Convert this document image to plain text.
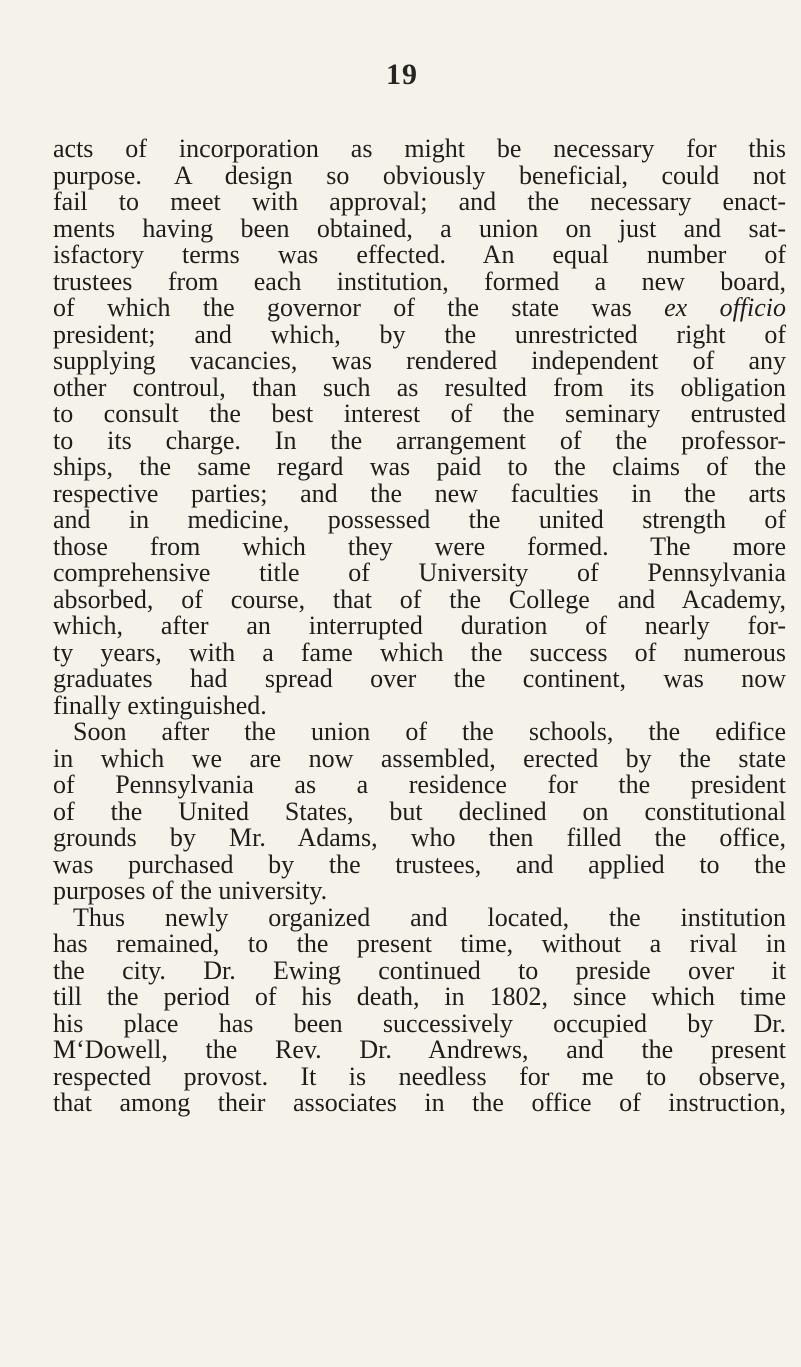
19
acts of incorporation as might be necessary for this
purpose. A design so obviously beneficial, could not
fail to meet with approval; and the necessary enact-
ments having been obtained, a union on just and sat-
isfactory terms was effected. An equal number of
trustees from each institution, formed a new board,
of which the governor of the state was ex officio
president; and which, by the unrestricted right of
supplying vacancies, was rendered independent of any
other controul, than such as resulted from its obligation
to consult the best interest of the seminary entrusted
to its charge. In the arrangement of the professor-
ships, the same regard was paid to the claims of the
respective parties; and the new faculties in the arts
and in medicine, possessed the united strength of
those from which they were formed. The more
comprehensive title of University of Pennsylvania
absorbed, of course, that of the College and Academy,
which, after an interrupted duration of nearly for-
ty years, with a fame which the success of numerous
graduates had spread over the continent, was now
finally extinguished.
Soon after the union of the schools, the edifice
in which we are now assembled, erected by the state
of Pennsylvania as a residence for the president
of the United States, but declined on constitutional
grounds by Mr. Adams, who then filled the office,
was purchased by the trustees, and applied to the
purposes of the university.
Thus newly organized and located, the institution
has remained, to the present time, without a rival in
the city. Dr. Ewing continued to preside over it
till the period of his death, in 1802, since which time
his place has been successively occupied by Dr.
M‘Dowell, the Rev. Dr. Andrews, and the present
respected provost. It is needless for me to observe,
that among their associates in the office of instruction,
